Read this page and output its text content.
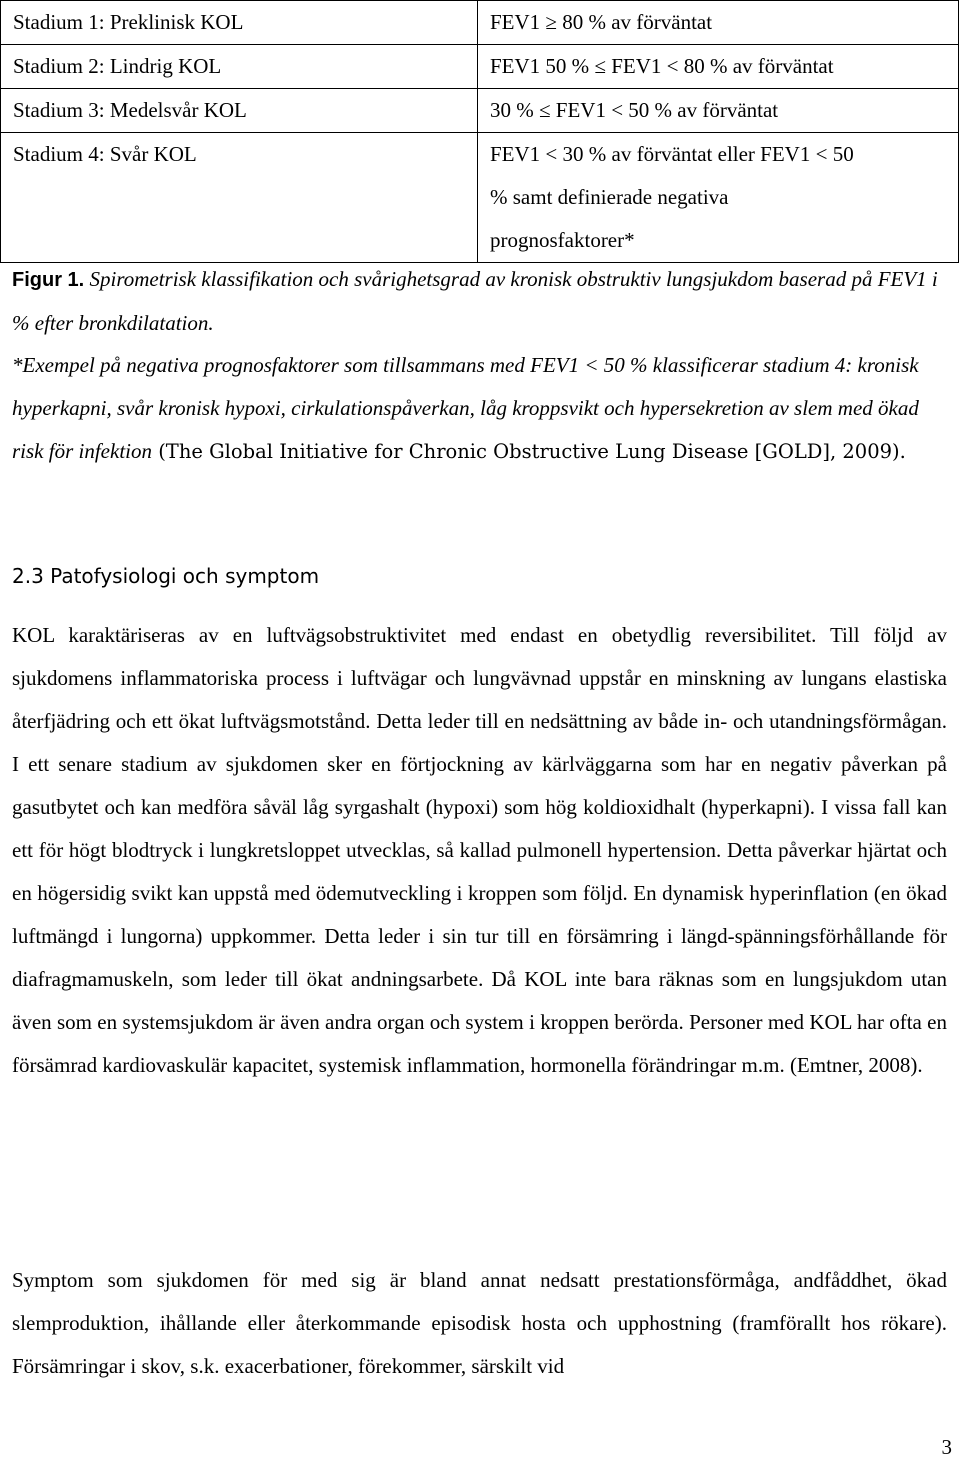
Stadium 1: Preklinisk KOL	FEV1 ≥ 80 % av förväntat
Stadium 2: Lindrig KOL	FEV1 50 % ≤ FEV1 < 80 % av förväntat
Stadium 3: Medelsvår KOL	30 % ≤ FEV1 < 50 % av förväntat
Stadium 4: Svår KOL	FEV1 < 30 % av förväntat eller FEV1 < 50
% samt definierade negativa
prognosfaktorer*
Figur 1. Spirometrisk klassifikation och svårighetsgrad av kronisk obstruktiv lungsjukdom baserad på FEV1 i % efter bronkdilatation.
*Exempel på negativa prognosfaktorer som tillsammans med FEV1 < 50 % klassificerar stadium 4: kronisk hyperkapni, svår kronisk hypoxi, cirkulationspåverkan, låg kroppsvikt och hypersekretion av slem med ökad risk för infektion (The Global Initiative for Chronic Obstructive Lung Disease [GOLD], 2009).
2.3 Patofysiologi och symptom
KOL karaktäriseras av en luftvägsobstruktivitet med endast en obetydlig reversibilitet. Till följd av sjukdomens inflammatoriska process i luftvägar och lungvävnad uppstår en minskning av lungans elastiska återfjädring och ett ökat luftvägsmotstånd. Detta leder till en nedsättning av både in- och utandningsförmågan. I ett senare stadium av sjukdomen sker en förtjockning av kärlväggarna som har en negativ påverkan på gasutbytet och kan medföra såväl låg syrgashalt (hypoxi) som hög koldioxidhalt (hyperkapni). I vissa fall kan ett för högt blodtryck i lungkretsloppet utvecklas, så kallad pulmonell hypertension. Detta påverkar hjärtat och en högersidig svikt kan uppstå med ödemutveckling i kroppen som följd. En dynamisk hyperinflation (en ökad luftmängd i lungorna) uppkommer. Detta leder i sin tur till en försämring i längd-spänningsförhållande för diafragmamuskeln, som leder till ökat andningsarbete. Då KOL inte bara räknas som en lungsjukdom utan även som en systemsjukdom är även andra organ och system i kroppen berörda. Personer med KOL har ofta en försämrad kardiovaskulär kapacitet, systemisk inflammation, hormonella förändringar m.m. (Emtner, 2008).
Symptom som sjukdomen för med sig är bland annat nedsatt prestationsförmåga, andfåddhet, ökad slemproduktion, ihållande eller återkommande episodisk hosta och upphostning (framförallt hos rökare). Försämringar i skov, s.k. exacerbationer, förekommer, särskilt vid
3
